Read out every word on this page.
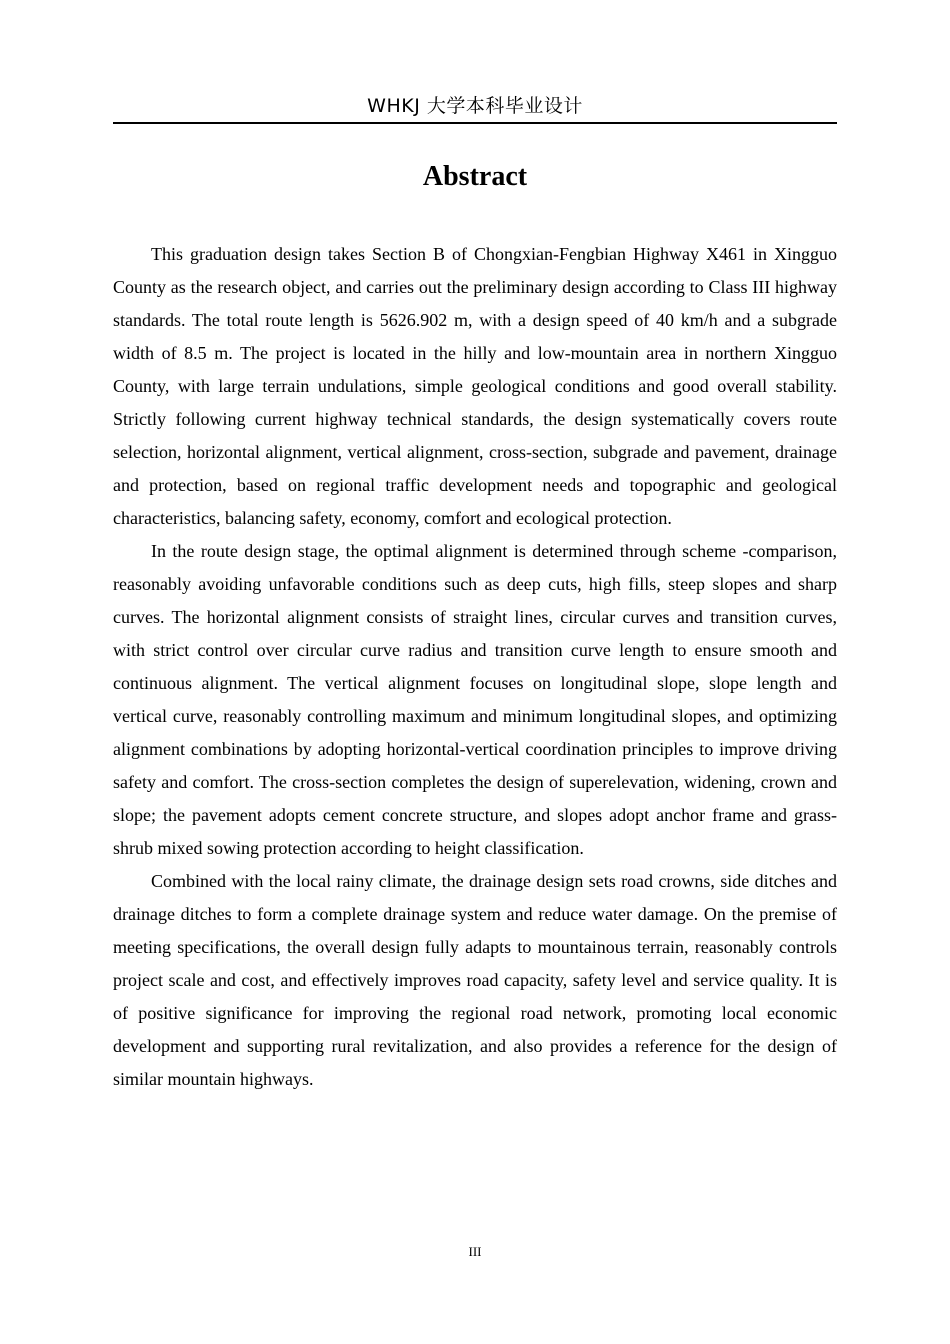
WHKJ 大学本科毕业设计
Abstract

This graduation design takes Section B of Chongxian-Fengbian Highway X461 in Xingguo County as the research object, and carries out the preliminary design according to Class III highway standards. The total route length is 5626.902 m, with a design speed of 40 km/h and a subgrade width of 8.5 m. The project is located in the hilly and low-mountain area in northern Xingguo County, with large terrain undulations, simple geological conditions and good overall stability. Strictly following current highway technical standards, the design systematically covers route selection, horizontal alignment, vertical alignment, cross-section, subgrade and pavement, drainage and protection, based on regional traffic development needs and topographic and geological characteristics, balancing safety, economy, comfort and ecological protection.

In the route design stage, the optimal alignment is determined through scheme -comparison, reasonably avoiding unfavorable conditions such as deep cuts, high fills, steep slopes and sharp curves. The horizontal alignment consists of straight lines, circular curves and transition curves, with strict control over circular curve radius and transition curve length to ensure smooth and continuous alignment. The vertical alignment focuses on longitudinal slope, slope length and vertical curve, reasonably controlling maximum and minimum longitudinal slopes, and optimizing alignment combinations by adopting horizontal-vertical coordination principles to improve driving safety and comfort. The cross-section completes the design of superelevation, widening, crown and slope; the pavement adopts cement concrete structure, and slopes adopt anchor frame and grass-shrub mixed sowing protection according to height classification.

Combined with the local rainy climate, the drainage design sets road crowns, side ditches and drainage ditches to form a complete drainage system and reduce water damage. On the premise of meeting specifications, the overall design fully adapts to mountainous terrain, reasonably controls project scale and cost, and effectively improves road capacity, safety level and service quality. It is of positive significance for improving the regional road network, promoting local economic development and supporting rural revitalization, and also provides a reference for the design of similar mountain highways.

III
